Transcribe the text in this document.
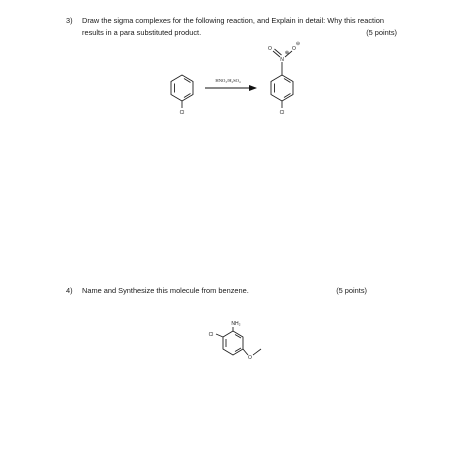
3) Draw the sigma complexes for the following reaction, and Explain in detail: Why this reaction
results in a para substituted product.	(5 points)
4) Name and Synthesize this molecule from benzene.	(5 points)
Cl
HNO₃/H₂SO₄
N
⊕
O	O
⊖
Cl
NH₂
Cl
O
